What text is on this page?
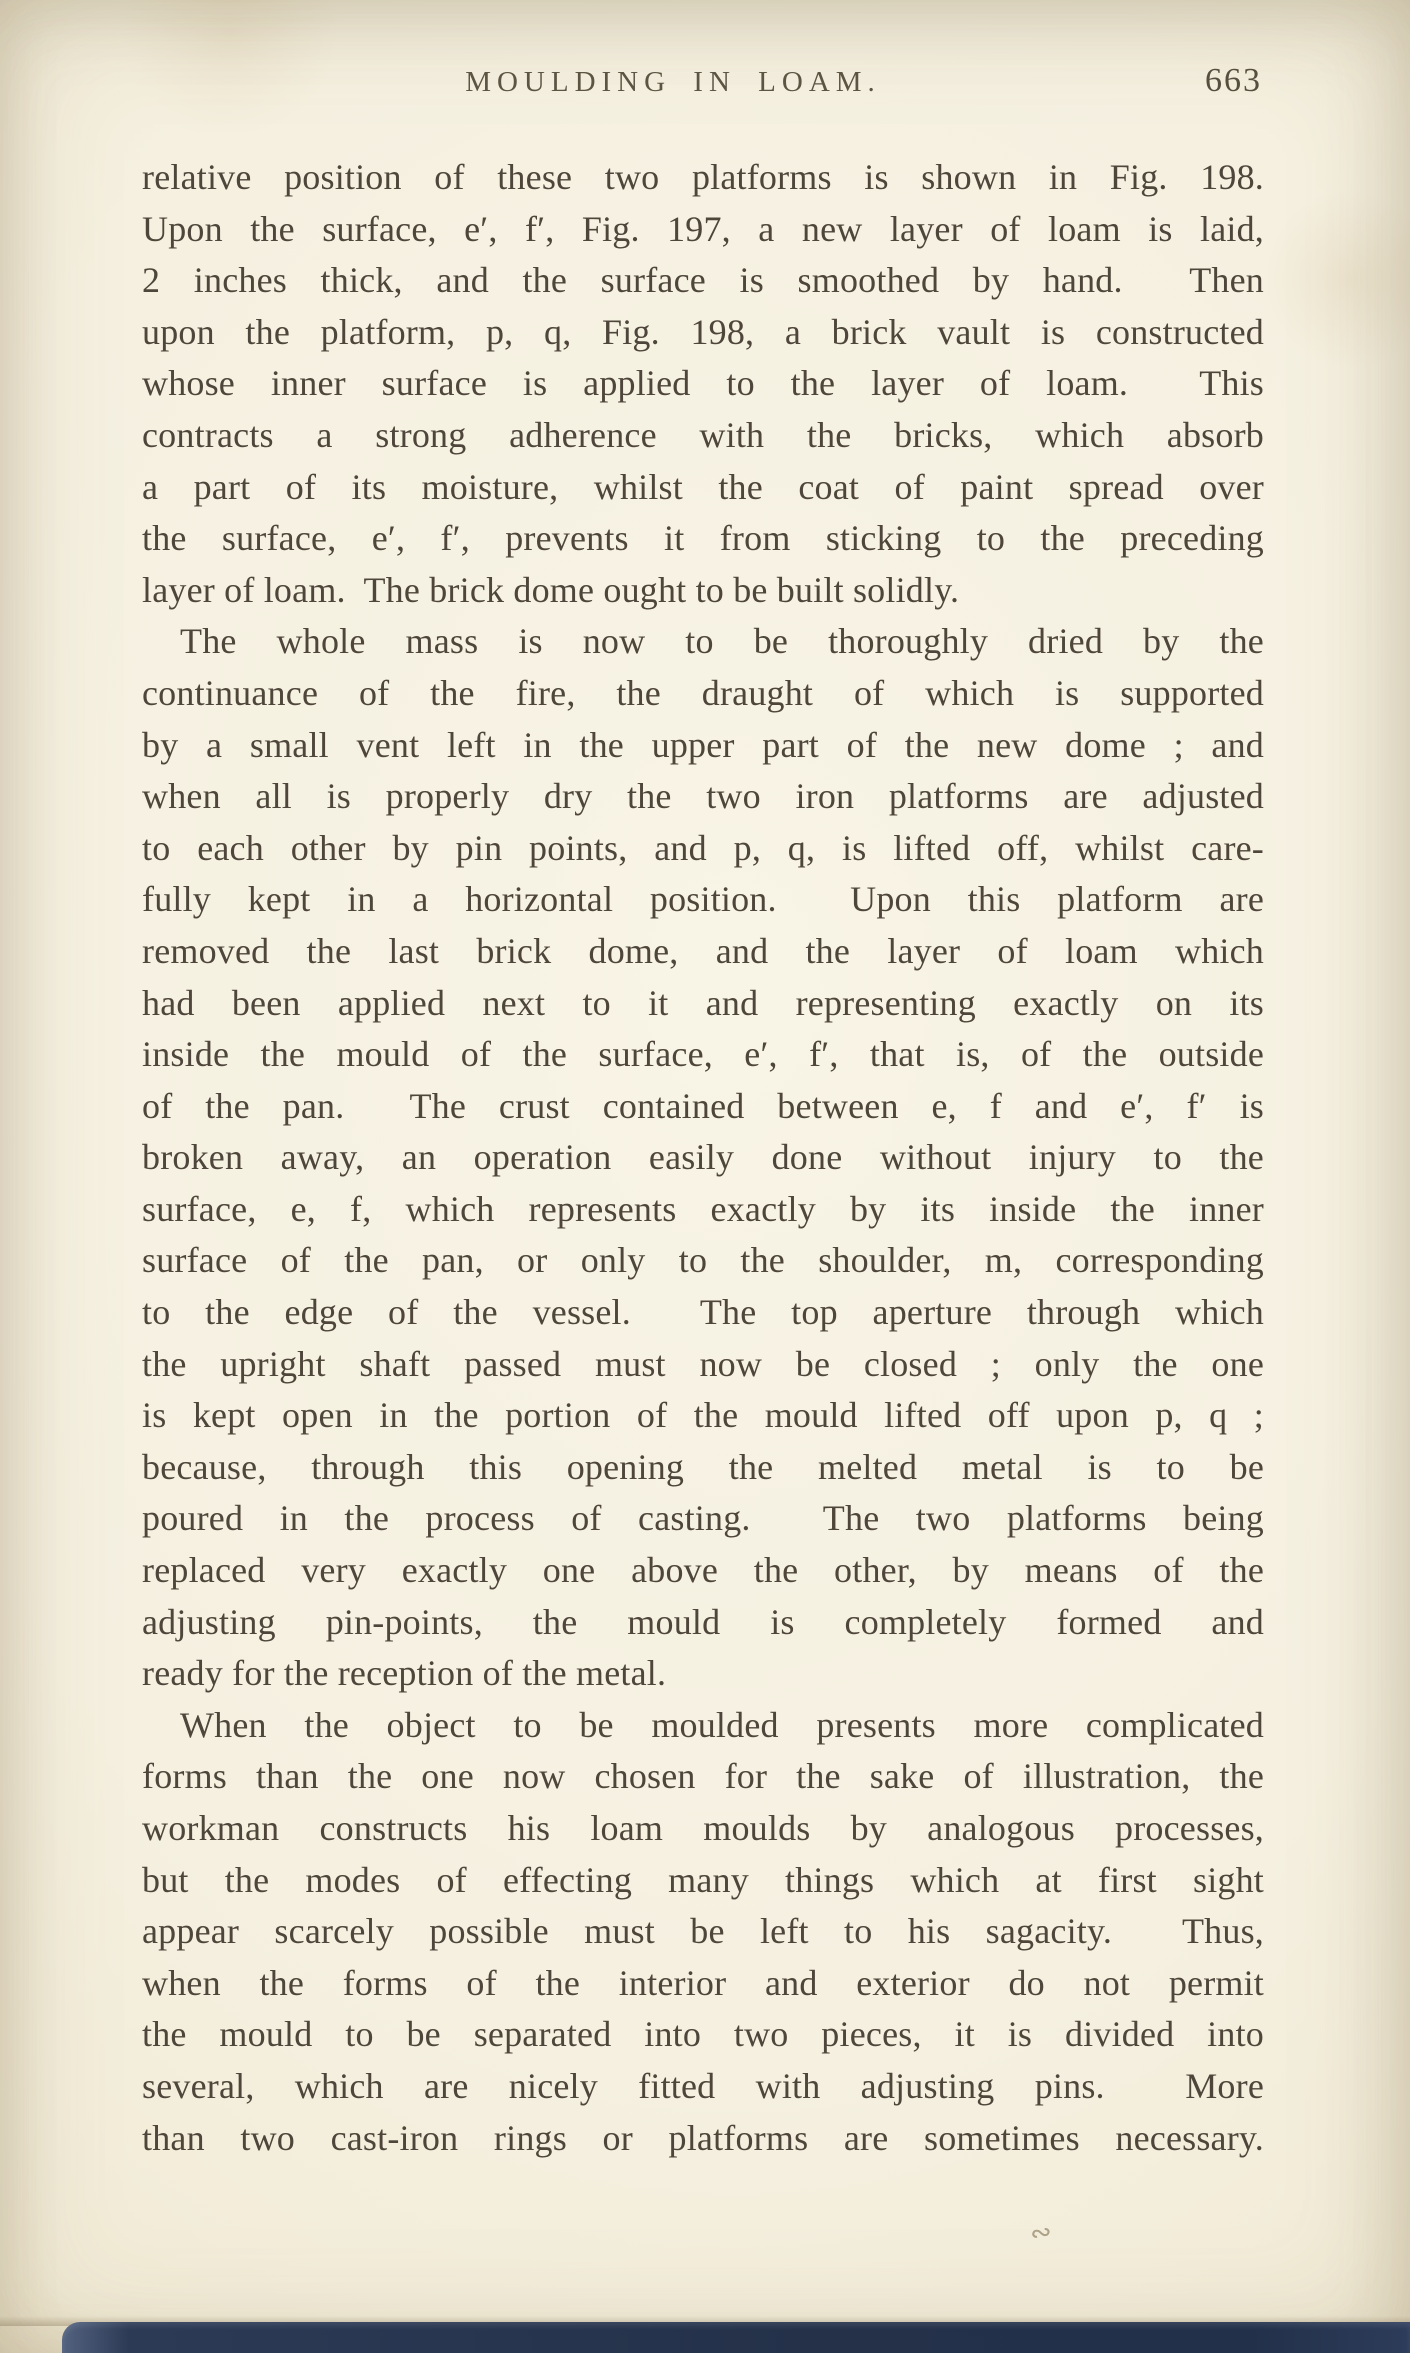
MOULDING IN LOAM.	663
relative position of these two platforms is shown in Fig. 198.
Upon the surface, e′, f′, Fig. 197, a new layer of loam is laid,
2 inches thick, and the surface is smoothed by hand.  Then
upon the platform, p, q, Fig. 198, a brick vault is constructed
whose inner surface is applied to the layer of loam.  This
contracts a strong adherence with the bricks, which absorb
a part of its moisture, whilst the coat of paint spread over
the surface, e′, f′, prevents it from sticking to the preceding
layer of loam.  The brick dome ought to be built solidly.
The whole mass is now to be thoroughly dried by the
continuance of the fire, the draught of which is supported
by a small vent left in the upper part of the new dome ; and
when all is properly dry the two iron platforms are adjusted
to each other by pin points, and p, q, is lifted off, whilst care-
fully kept in a horizontal position.  Upon this platform are
removed the last brick dome, and the layer of loam which
had been applied next to it and representing exactly on its
inside the mould of the surface, e′, f′, that is, of the outside
of the pan.  The crust contained between e, f and e′, f′ is
broken away, an operation easily done without injury to the
surface, e, f, which represents exactly by its inside the inner
surface of the pan, or only to the shoulder, m, corresponding
to the edge of the vessel.  The top aperture through which
the upright shaft passed must now be closed ; only the one
is kept open in the portion of the mould lifted off upon p, q ;
because, through this opening the melted metal is to be
poured in the process of casting.  The two platforms being
replaced very exactly one above the other, by means of the
adjusting pin-points, the mould is completely formed and
ready for the reception of the metal.
When the object to be moulded presents more complicated
forms than the one now chosen for the sake of illustration, the
workman constructs his loam moulds by analogous processes,
but the modes of effecting many things which at first sight
appear scarcely possible must be left to his sagacity.  Thus,
when the forms of the interior and exterior do not permit
the mould to be separated into two pieces, it is divided into
several, which are nicely fitted with adjusting pins.  More
than two cast-iron rings or platforms are sometimes necessary.
∾
